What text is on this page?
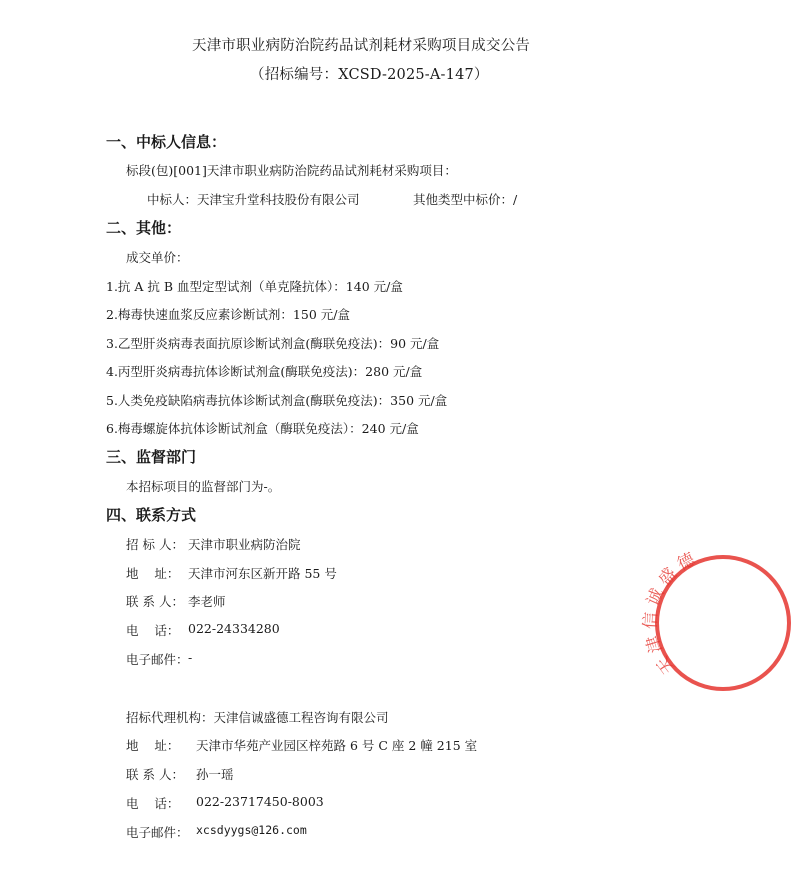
天津市职业病防治院药品试剂耗材采购项目成交公告
（招标编号：XCSD-2025-A-147）
一、中标人信息：
标段(包)[001]天津市职业病防治院药品试剂耗材采购项目：
中标人：天津宝升堂科技股份有限公司	其他类型中标价：/
二、其他：
成交单价：
1.抗 A 抗 B 血型定型试剂（单克隆抗体）：140 元/盒
2.梅毒快速血浆反应素诊断试剂：150 元/盒
3.乙型肝炎病毒表面抗原诊断试剂盒(酶联免疫法)：90 元/盒
4.丙型肝炎病毒抗体诊断试剂盒(酶联免疫法)：280 元/盒
5.人类免疫缺陷病毒抗体诊断试剂盒(酶联免疫法)：350 元/盒
6.梅毒螺旋体抗体诊断试剂盒（酶联免疫法）：240 元/盒
三、监督部门
本招标项目的监督部门为-。
四、联系方式
招 标 人： 天津市职业病防治院
地    址： 天津市河东区新开路 55 号
联 系 人： 李老师
电    话： 022-24334280
电子邮件： -
招标代理机构：天津信诚盛德工程咨询有限公司
地    址： 天津市华苑产业园区梓苑路 6 号 C 座 2 幢 215 室
联 系 人： 孙一瑶
电    话： 022-23717450-8003
电子邮件： xcsdyygs@126.com
天津信诚盛德
